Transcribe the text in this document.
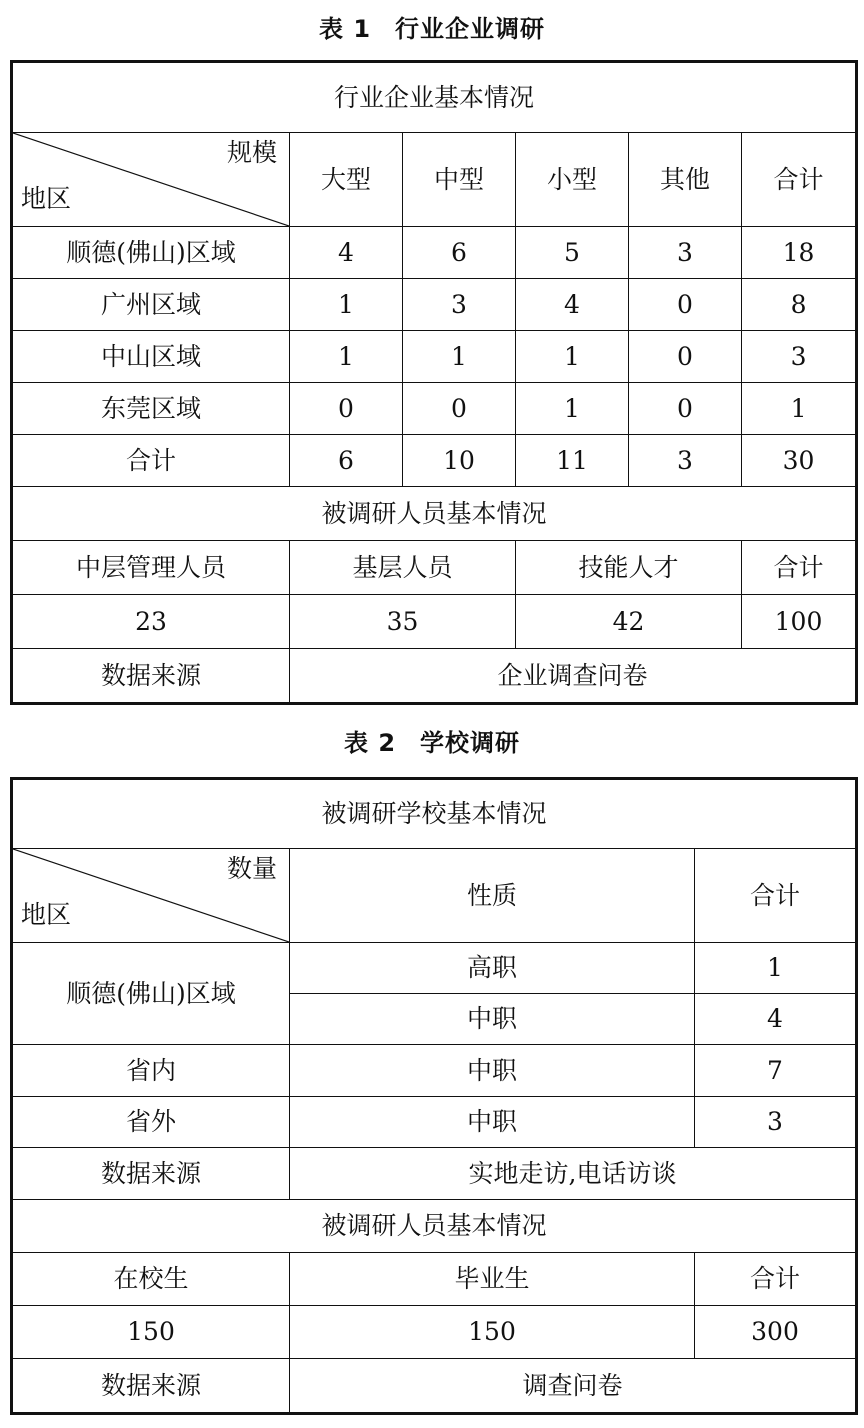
表 1 行业企业调研
行业企业基本情况					

规模
地区	大型	中型	小型	其他	合计
顺德(佛山)区域	4	6	5	3	18
广州区域	1	3	4	0	8
中山区域	1	1	1	0	3
东莞区域	0	0	1	0	1
合计	6	10	11	3	30
被调研人员基本情况					
中层管理人员	基层人员		技能人才		合计
23	35		42		100
数据来源	企业调查问卷				
表 2 学校调研
被调研学校基本情况		

数量
地区	性质	合计
顺德(佛山)区域	高职	1
	中职	4
省内	中职	7
省外	中职	3
数据来源	实地走访,电话访谈	
被调研人员基本情况		
在校生	毕业生	合计
150	150	300
数据来源	调查问卷	
